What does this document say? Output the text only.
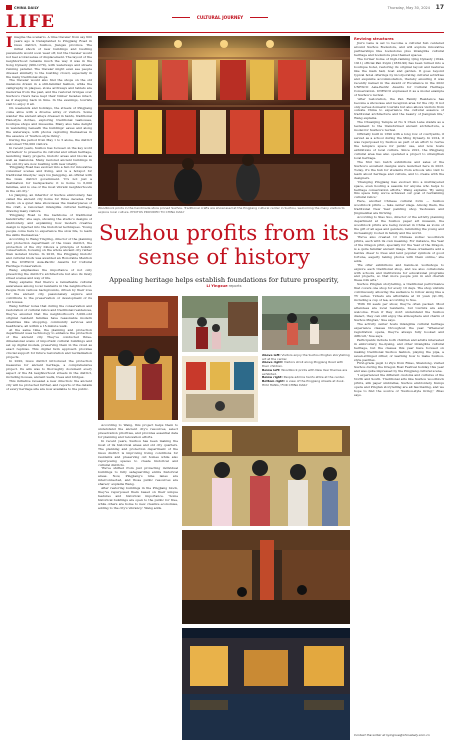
CHINA DAILY	Thursday, May 30, 2024 17
LIFE	CULTURAL JOURNEY
I magine the scenario. A time traveler from say 600 years ago is transplanted to Pingjiang Road in Gusu district, Suzhou, Jiangsu province. The initial shock of new buildings and bustling pavements would soon wear off, but the traveler would not feel a total sense of displacement. The layout of the neighborhood remains much the way it was in the Song Dynasty (960-1279), with waterways and streets running parallel. The traveler might even see people dressed similarly to the bustling crowd, especially in the many traditional shops.

The traveler would also find the shops on the old mansions drawn in a still-familiar fashion, while the calligraphy in plaques, stone archways and tablets are memories from the past, and the restored bridges over Suzhou's rivers have kept their timber facades intact, as if stepping back in time. In the evenings, tourists visit to enjoy it all.

On weekends and holidays, the streets of Pingjiang come alive with a diverse array of visitors. Some wander the ancient alleys dressed in hanfu, traditional Han-style clothes, exploring traditional teahouses, boutique shops and museums. Many also take delight in wandering beneath the buildings' eaves and along the waterways, with photos capturing themselves in the essence of 'Suzhou-style living'.

During the period from May 1 to 5 alone, the district welcomed 750,000 visitors.

In recent years, Suzhou has focused on the key word 'activation' to preserve its cultural and urban heritage, launching many projects, historic areas and blocks as well as mansions. Many restored ancient buildings in the old city are now bustling with new vitality.

'Pingjiang Road has evolved into a hub for innovative consumer scenes and living, and is a hotspot for traditional lifestyle,' says Gu Jiangping, an official with the Gusu district government. 'It's not just a destination for backpackers; it is home to 6,000 families, and is one of the most vibrant neighborhoods in the old city.'

Lu Jianping, an inheritor of Suzhou embroidery, has called the ancient city home for three decades. Her studio on a quiet lane showcases the masterpieces of the craft, a renowned intangible cultural heritage, drawing many visitors.

'Pingjiang Road is the backbone of traditional handicrafts,' she says, showing the studio's designs of embroidery, and explaining how modern creative design is injected into the historical techniques. 'Young people come here to experience the slow life, to learn the skills themselves.'

According to Wang Tingting, director of the planning and protection department of the Gusu district, the protection of the city follows a principle of holistic conservation, focusing on the whole ancient city rather than isolated blocks. In 2016, the Pingjiang historic and cultural block was awarded an Honorable Mention in the UNESCO Asia-Pacific Awards for Cultural Heritage Conservation.

Wang emphasizes the importance of not only preserving the district's architecture but also its lively street scenes and way of life.

Wang explains that there's a remarkable cultural awareness among local residents in the neighborhood. People from various backgrounds, driven by their love for the ancient city, passionately explore and contribute to the preservation or development of its old houses.

Wang further notes that during the conservation and restoration of cultural relics and traditional residences, they've ensured that the neighborhood's 3,000-odd original resident families have reasonable modern amenities like shopping, community services and healthcare, all within a 15-minute walk.

At the same time, the planning and protection department uses technology to enhance the protection of the ancient city. They've conducted three-dimensional scans of important cultural buildings and set up digital models, preserving them in the cloud as exact replicas. This digital twin approach provides crucial support for future restoration and revitalization projects.

In 2020, Gusu district introduced the protection measures for ancient heritage, a comprehensive project. Its aim was to thoroughly document every aspect of the 84 neighborhood streets in the district, including houses, ancient wells, trees and bridges.

This initiative revealed a new direction: the ancient city will be protected further, and reports of the details of every heritage site are now available to the public.

Woodblock prints in the handmade store pinned Suzhou. Traditional crafts are showcased at the Pingjiang cultural center in Suzhou, welcoming the many visitors to explore local culture. PHOTOS PROVIDED TO CHINA DAILY
Suzhou profits from its sense of history
Appealing heritage helps establish foundations for future prosperity,
Li Yingxue reports
Above left: Visitors enjoy the Suzhou Pingtan storytelling art at the center.
Above right: Visitors stroll along Pingjiang Road with their children.
Below left: Woodblock prints with New Year themes are exhibited.
Below right: People admire hanfu attire at the center.
Bottom right: A view of the Pingjiang streets at dusk. HOU HANG / FOR CHINA DAILY

According to Wang, this project helps them to understand the ancient city's resources, select preservation priorities, and provides essential data for planning and renovation efforts.

In recent years, Suzhou has been making the most of its historical areas and old city quarters. The planning and protection department of the Gusu district is improving living conditions for residents and preserving old homes while also repurposing spaces to create historical and cultural districts.

'We've shifted from just protecting individual buildings to fully safeguarding entire historical areas. Now, Pingjiang's nine lanes are interconnected, and those public resources are shared,' explains Wang.

After restoring buildings in the Pingjiang block, they've repurposed them based on their unique features and historical importance. 'Some historical buildings are open to the public for free, while others are home to new creative economies, adding to the city's vibrancy,' Wang adds.

Reviving structures

Jiuru Lane is set to become a cultural hub centered around Suzhou Bookstore, and will explore innovative partnerships like bookstores plus intangible cultural heritage and bookstore plus themed spaces.

The former home of high-ranking Qing Dynasty (1644-1911) official Pan Zuyin (1830-90) has been turned into a boutique hotel, restoring its original layout and features like the main hall, boat and garden. It goes beyond typical hotel offerings by incorporating cultural activities and exquisite accommodation, thereby ensuring it was recently named in the Award of Excellence in the 2022 UNESCO Asia-Pacific Awards for Cultural Heritage Conservation. UNESCO expressed it as a model example of Suzhou's revival.

'After restoration, the Pan Family Residence has become a showcase and reception area for the city. It not only serves domestic tourists but also allows visitors from outside China to experience the cultural essence of traditional architecture and the beauty of Jiangnan life,' Wang explains.

The Chuanjing Temple at No 9 Chen Lane stands as a testament to the transformed ancient architecture, a model for Suzhou's revival.

Officially built in 1390 with a long row of courtyards, it served as a school during the Ming Dynasty. In 2014, it was repurposed by Suzhou as part of an effort to revive the temple's space for public use, and now hosts exhibitions of local culture. Since 2021, the Pingjiang cultural area has also operated a project to strengthen local heritage.

The first two batch exhibitions and sales of the Suzhou's excellent designs were launched here in 2023. Today, it's the hub for students from schools who visit to learn about heritage and culture, and to create with the designers.

'Changing Pingjiang has evolved into a multilayered space, even hosting a seaside for anyone who helps to heritage conservation efforts,' Wang explains. 'By using this space fully, we've achieved our goal of revitalizing cultural relics.'

Here, another Chinese cultural form — Suzhou woodblock prints — take center stage. Among them, the traditional New Year painting shop Taohuawu and Jingmeizhai are thriving.

According to Xiao Suo, director of the activity planning department at the Suzhou paper art museum, the woodblock prints are being revived in China as icons of the gift of all ages and genders, reminding the young and increasingly rooted in family and the world.

'We've also created 12 Chinese zodiac woodblock prints, each with its own meaning. For instance, the Year of the Dragon print, specially for the Year of the Dragon, is a quite familiar ancient image. These ornaments add a festive cheer to lives and lend popular symbols of good fortune, eagerly taking photos with them online,' she adds.

'We offer exhibitions and hands-on workshops to explore each traditional shop, and we also collaborate with schools and institutions for educational programs and projects, so that more people join in and cherish these folk arts.'

Suzhou Pingtan storytelling, a traditional performance that covers one shop for every 10 days. The shop unfolds continuously, allowing the audience to follow along like a TV series. Tickets are affordable at 10 yuan ($1.38), including a cup of tea, according to Xue.

'With 80 seats per show, they're often packed. Most attendees are local residents, but tourists are also welcome. Even if they don't understand the Suzhou dialect, they can still enjoy the atmosphere and charm of Suzhou Pingtan,' Xue says.

The activity center hosts intangible cultural heritage experience classes throughout the year. 'Whenever registration opens, they're always fully booked and difficult,' Xue says.

Participants include both children and adults interested in embroidery, tie-dyeing, and other intangible cultural heritage, but the classes this year have focused on making traditional Suzhou fashion, playing the pipa, a seven-stringed zither, or learning how to make Suzhou-style pastries.

First-grade pupil Li Ziyu from Rizao, Shandong, visited Suzhou during the Dragon Boat Festival holiday this year and was quite impressed by the Pingjiang cultural scene.

'I experienced the different customs and cultures of the North and South. Traditional arts like Suzhou woodblock prints, silk paper umbrellas, Suzhou embroidery, Kunqu opera and Pingtan storytelling are all fascinating, and we hope to find the source of 'Suzhou-style living',' Zhao says.

Contact the writer at liyingxue@chinadaily.com.cn
